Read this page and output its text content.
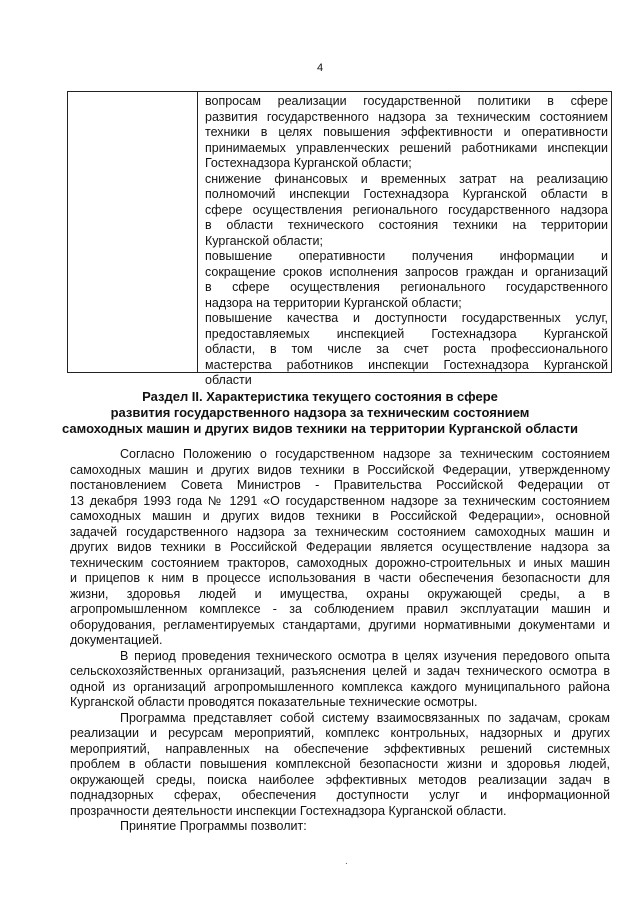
4
вопросам реализации государственной политики в сфере
развития государственного надзора за техническим состоянием
техники в целях повышения эффективности и оперативности
принимаемых управленческих решений работниками инспекции
Гостехнадзора Курганской области;
снижение финансовых и временных затрат на реализацию
полномочий инспекции Гостехнадзора Курганской области в
сфере осуществления регионального государственного надзора
в области технического состояния техники на территории
Курганской области;
повышение оперативности получения информации и
сокращение сроков исполнения запросов граждан и организаций
в сфере осуществления регионального государственного
надзора на территории Курганской области;
повышение качества и доступности государственных услуг,
предоставляемых инспекцией Гостехнадзора Курганской
области, в том числе за счет роста профессионального
мастерства работников инспекции Гостехнадзора Курганской
области
Раздел II. Характеристика текущего состояния в сфере
развития государственного надзора за техническим состоянием
самоходных машин и других видов техники на территории Курганской области
Согласно Положению о государственном надзоре за техническим состоянием
самоходных машин и других видов техники в Российской Федерации, утвержденному
постановлением Совета Министров - Правительства Российской Федерации от
13 декабря 1993 года № 1291 «О государственном надзоре за техническим состоянием
самоходных машин и других видов техники в Российской Федерации», основной
задачей государственного надзора за техническим состоянием самоходных машин и
других видов техники в Российской Федерации является осуществление надзора за
техническим состоянием тракторов, самоходных дорожно-строительных и иных машин
и прицепов к ним в процессе использования в части обеспечения безопасности для
жизни, здоровья людей и имущества, охраны окружающей среды, а в
агропромышленном комплексе - за соблюдением правил эксплуатации машин и
оборудования, регламентируемых стандартами, другими нормативными документами и
документацией.
В период проведения технического осмотра в целях изучения передового опыта
сельскохозяйственных организаций, разъяснения целей и задач технического осмотра в
одной из организаций агропромышленного комплекса каждого муниципального района
Курганской области проводятся показательные технические осмотры.
Программа представляет собой систему взаимосвязанных по задачам, срокам
реализации и ресурсам мероприятий, комплекс контрольных, надзорных и других
мероприятий, направленных на обеспечение эффективных решений системных
проблем в области повышения комплексной безопасности жизни и здоровья людей,
окружающей среды, поиска наиболее эффективных методов реализации задач в
поднадзорных сферах, обеспечения доступности услуг и информационной
прозрачности деятельности инспекции Гостехнадзора Курганской области.
Принятие Программы позволит:
.
